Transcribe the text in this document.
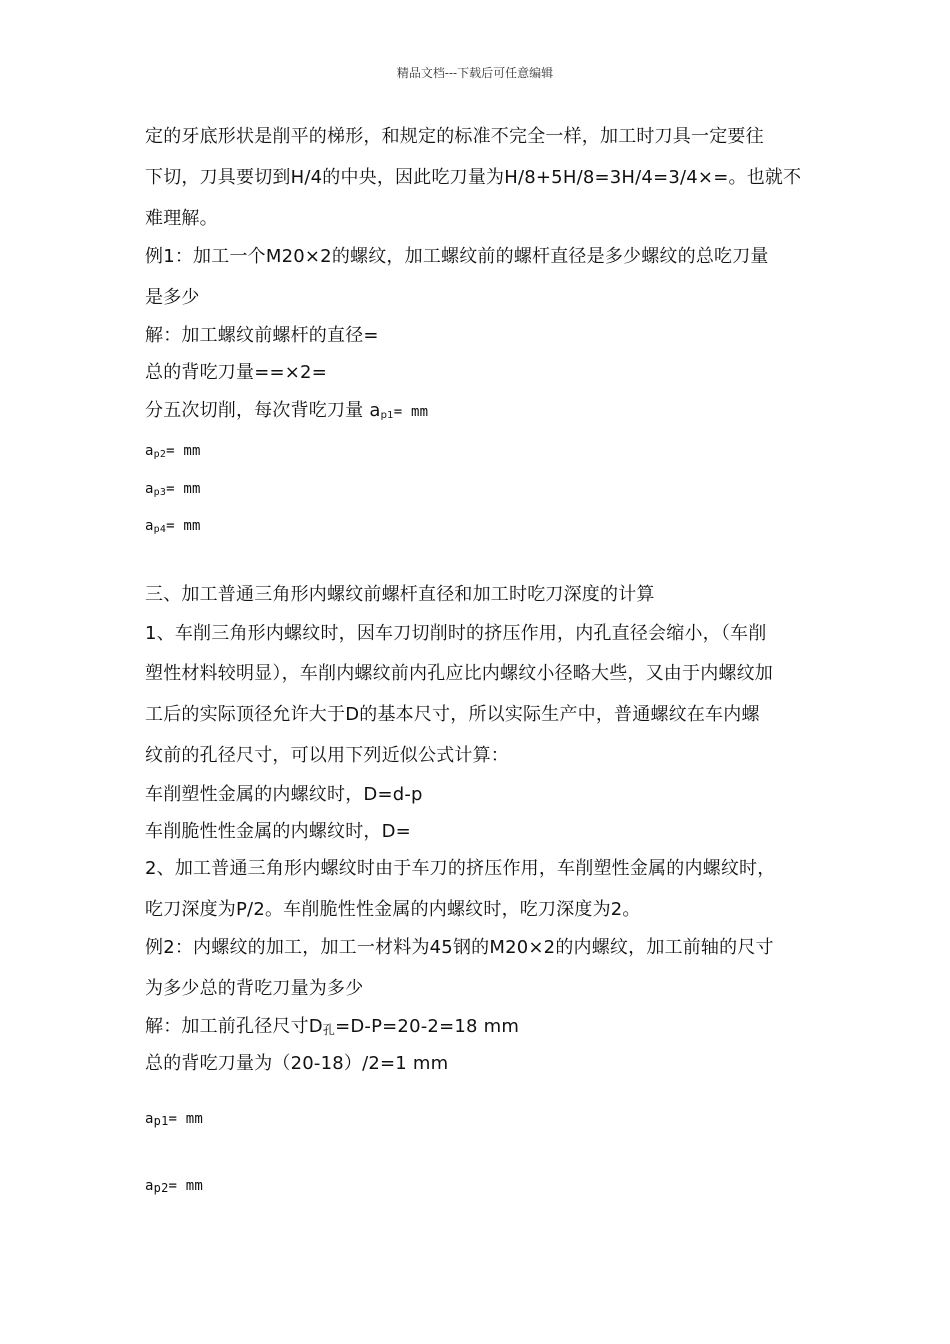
精品文档---下载后可任意编辑
定的牙底形状是削平的梯形，和规定的标准不完全一样，加工时刀具一定要往
下切，刀具要切到H/4的中央，因此吃刀量为H/8+5H/8=3H/4=3/4×=。也就不
难理解。
例1：加工一个M20×2的螺纹，加工螺纹前的螺杆直径是多少螺纹的总吃刀量
是多少
解：加工螺纹前螺杆的直径=
总的背吃刀量==×2=
分五次切削，每次背吃刀量 $a_{p1}=$ mm
$a_{p2}=$ mm
$a_{p3}=$ mm
$a_{p4}=$ mm
三、加工普通三角形内螺纹前螺杆直径和加工时吃刀深度的计算
1、车削三角形内螺纹时，因车刀切削时的挤压作用，内孔直径会缩小，（车削
塑性材料较明显），车削内螺纹前内孔应比内螺纹小径略大些，又由于内螺纹加
工后的实际顶径允许大于D的基本尺寸，所以实际生产中，普通螺纹在车内螺
纹前的孔径尺寸，可以用下列近似公式计算：
车削塑性金属的内螺纹时，D=d-p
车削脆性性金属的内螺纹时，D=
2、加工普通三角形内螺纹时由于车刀的挤压作用，车削塑性金属的内螺纹时，
吃刀深度为P/2。车削脆性性金属的内螺纹时，吃刀深度为2。
例2：内螺纹的加工，加工一材料为45钢的M20×2的内螺纹，加工前轴的尺寸
为多少总的背吃刀量为多少
解：加工前孔径尺寸D孔=D-P=20-2=18 mm
总的背吃刀量为（20-18）/2=1 mm
ap1= mm
ap2= mm
